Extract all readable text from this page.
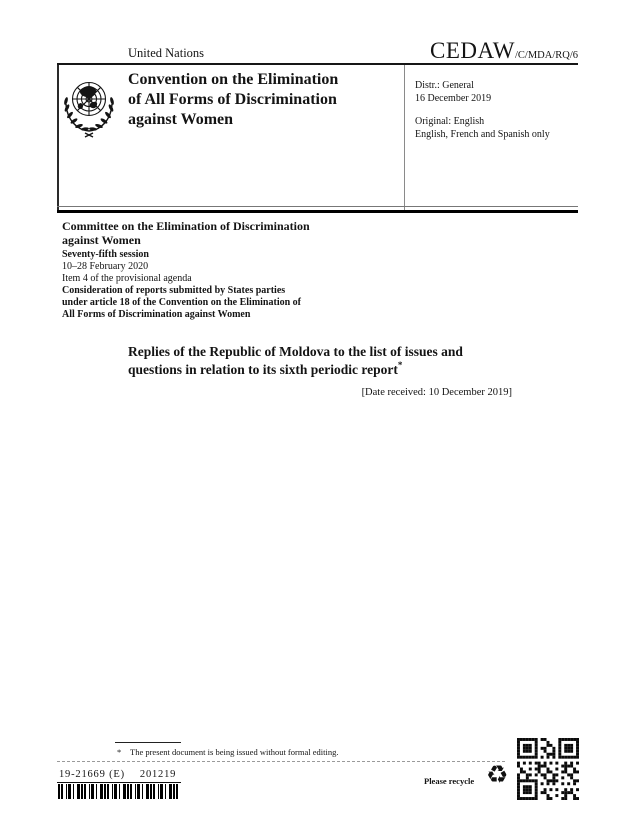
United Nations	CEDAW/C/MDA/RQ/6
Convention on the Elimination
of All Forms of Discrimination
against Women
Distr.: General
16 December 2019
Original: English
English, French and Spanish only
Committee on the Elimination of Discrimination
against Women
Seventy-fifth session
10–28 February 2020
Item 4 of the provisional agenda
Consideration of reports submitted by States parties
under article 18 of the Convention on the Elimination of
All Forms of Discrimination against Women
Replies of the Republic of Moldova to the list of issues and
questions in relation to its sixth periodic report*
[Date received: 10 December 2019]
* The present document is being issued without formal editing.
19-21669 (E) 201219
Please recycle ♻
